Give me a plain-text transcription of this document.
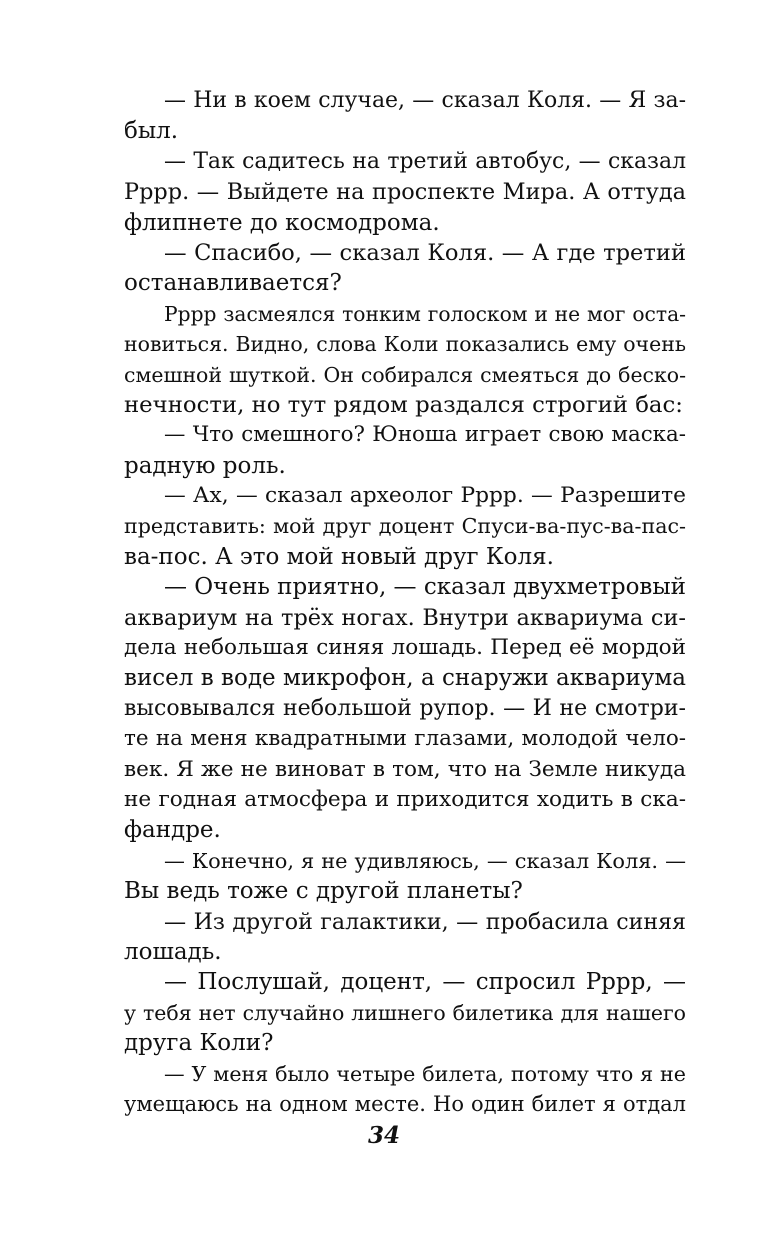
— Ни в коем случае, — сказал Коля. — Я за-
был.
— Так садитесь на третий автобус, — сказал
Рррр. — Выйдете на проспекте Мира. А оттуда
флипнете до космодрома.
— Спасибо, — сказал Коля. — А где третий
останавливается?
Рррр засмеялся тонким голоском и не мог оста-
новиться. Видно, слова Коли показались ему очень
смешной шуткой. Он собирался смеяться до беско-
нечности, но тут рядом раздался строгий бас:
— Что смешного? Юноша играет свою маска-
радную роль.
— Ах, — сказал археолог Рррр. — Разрешите
представить: мой друг доцент Спуси-ва-пус-ва-пас-
ва-пос. А это мой новый друг Коля.
— Очень приятно, — сказал двухметровый
аквариум на трёх ногах. Внутри аквариума си-
дела небольшая синяя лошадь. Перед её мордой
висел в воде микрофон, а снаружи аквариума
высовывался небольшой рупор. — И не смотри-
те на меня квадратными глазами, молодой чело-
век. Я же не виноват в том, что на Земле никуда
не годная атмосфера и приходится ходить в ска-
фандре.
— Конечно, я не удивляюсь, — сказал Коля. —
Вы ведь тоже с другой планеты?
— Из другой галактики, — пробасила синяя
лошадь.
— Послушай, доцент, — спросил Рррр, —
у тебя нет случайно лишнего билетика для нашего
друга Коли?
— У меня было четыре билета, потому что я не
умещаюсь на одном месте. Но один билет я отдал
34
